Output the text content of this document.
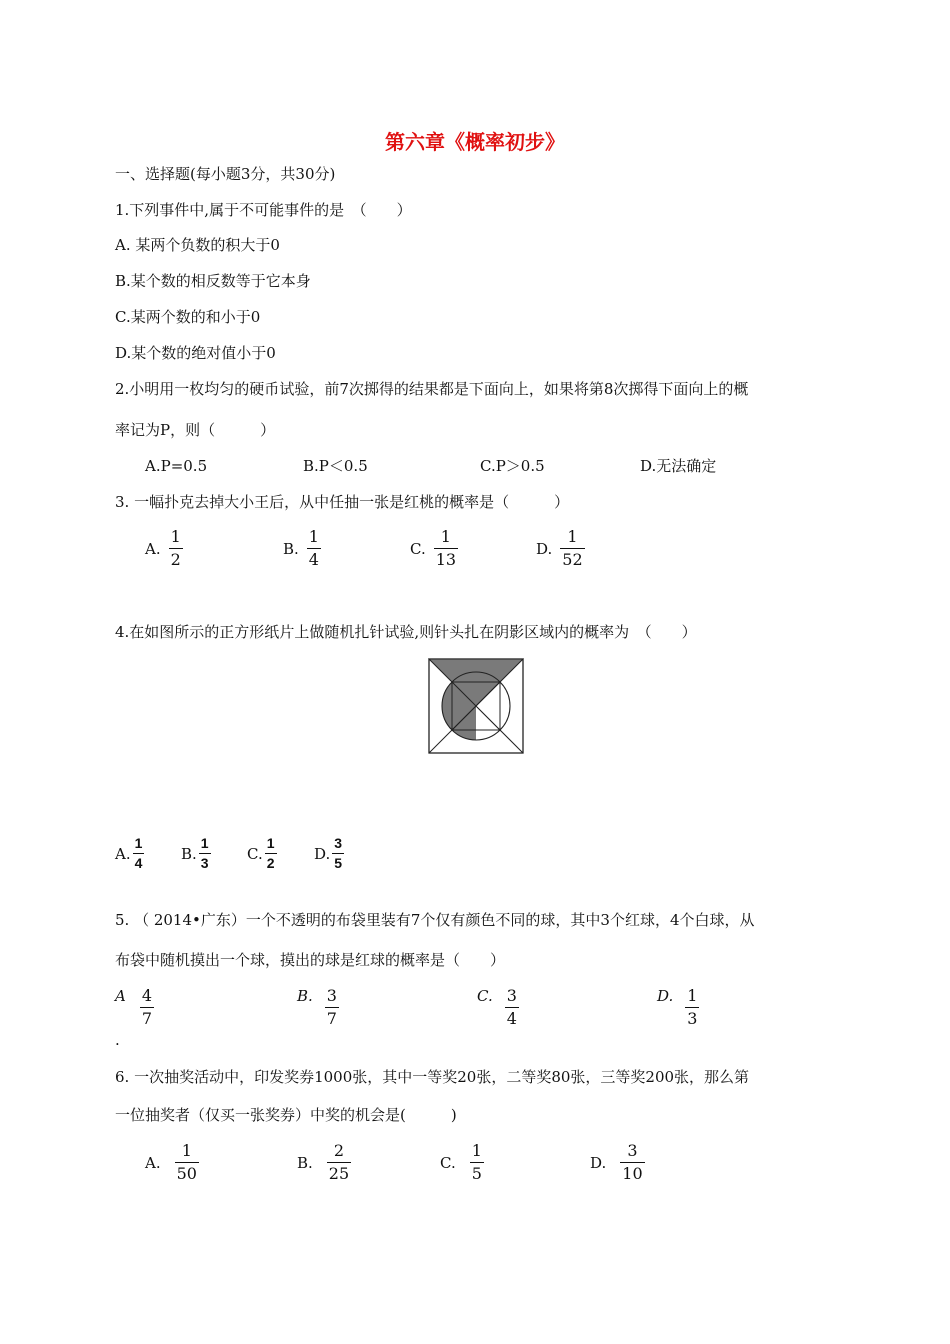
第六章《概率初步》
一、选择题(每小题3分，共30分)
1.下列事件中,属于不可能事件的是　（　　）
A. 某两个负数的积大于0
B.某个数的相反数等于它本身
C.某两个数的和小于0
D.某个数的绝对值小于0
2.小明用一枚均匀的硬币试验，前7次掷得的结果都是下面向上，如果将第8次掷得下面向上的概
率记为P，则（　　　）
A.P=0.5	B.P＜0.5	C.P＞0.5	D.无法确定
3. 一幅扑克去掉大小王后，从中任抽一张是红桃的概率是（　　　）
A. $\frac{1}{2}$	B. $\frac{1}{4}$	C. $\frac{1}{13}$	D. $\frac{1}{52}$
4.在如图所示的正方形纸片上做随机扎针试验,则针头扎在阴影区域内的概率为　（　　）
A. $\frac{1}{4} B$. $\frac{1}{3} C$. $\frac{1}{2} D$. $\frac{3}{5}$
5. （ 2014•广东）一个不透明的布袋里装有7个仅有颜色不同的球，其中3个红球，4个白球，从
布袋中随机摸出一个球，摸出的球是红球的概率是（　　）
A $\frac{4}{7}$	B. $\frac{3}{7}$	C. $\frac{3}{4}$	D. $\frac{1}{3}$
.
6. 一次抽奖活动中，印发奖券1000张，其中一等奖20张，二等奖80张，三等奖200张，那么第
一位抽奖者（仅买一张奖券）中奖的机会是(　　　)
A. $\frac{1}{50}$	B. $\frac{2}{25}$	C. $\frac{1}{5}$	D. $\frac{3}{10}$
